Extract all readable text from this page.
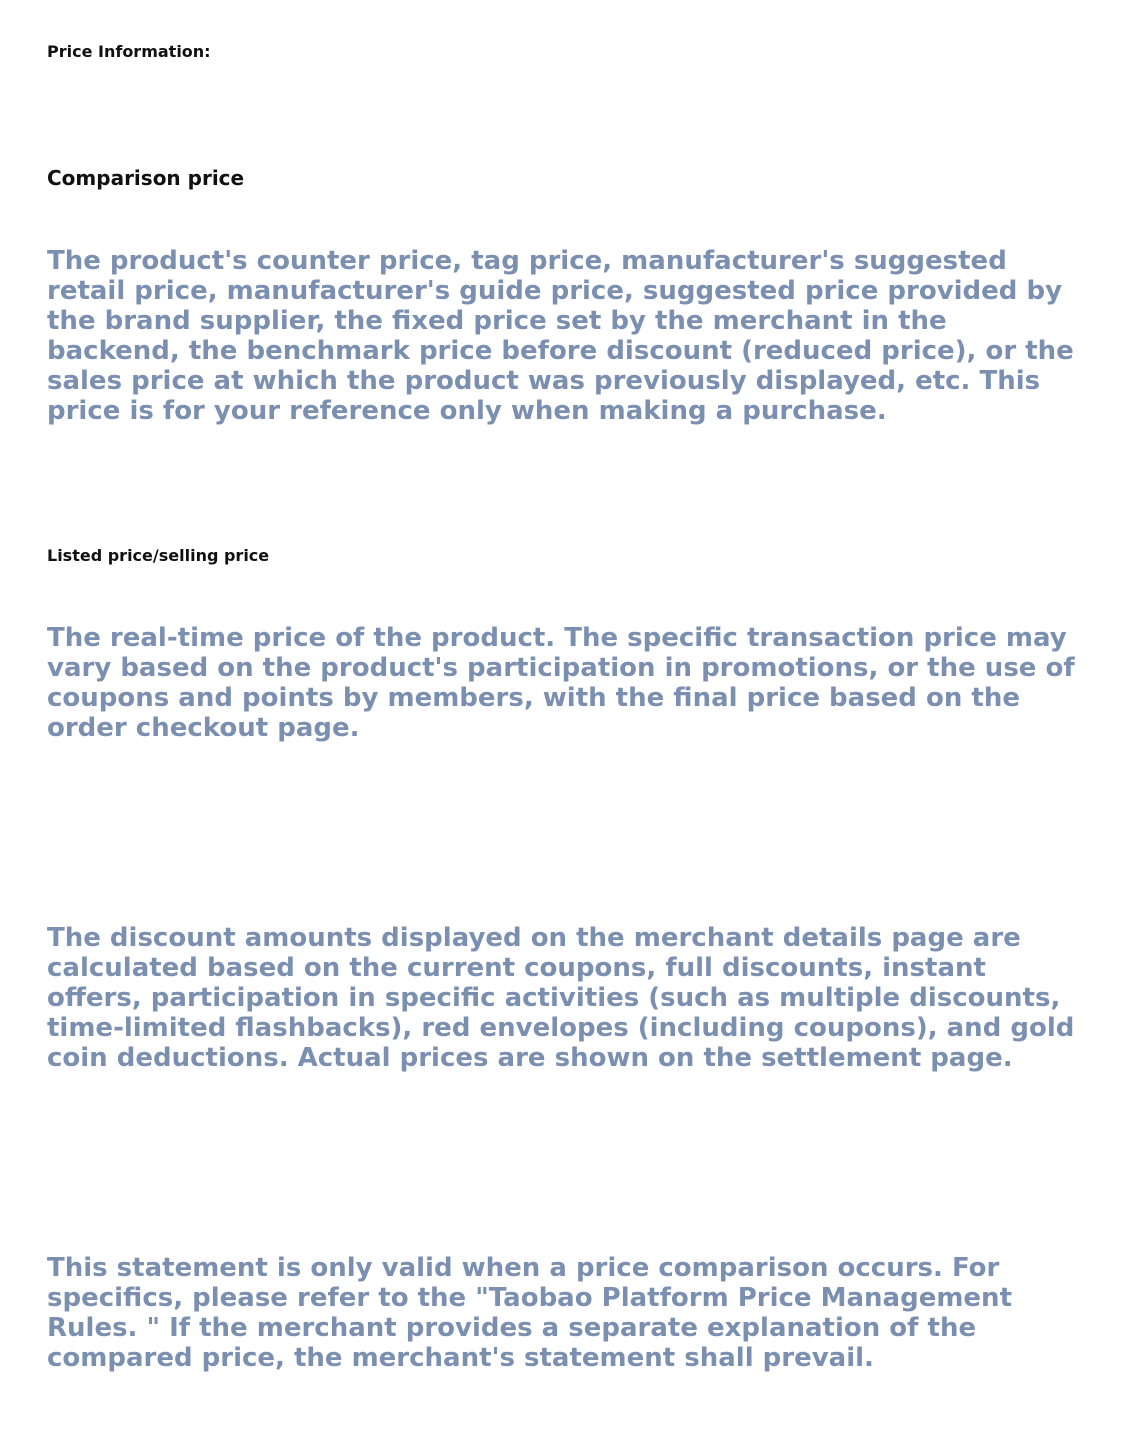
Price Information:
Comparison price

The product's counter price, tag price, manufacturer's suggested retail price, manufacturer's guide price, suggested price provided by the brand supplier, the fixed price set by the merchant in the backend, the benchmark price before discount (reduced price), or the sales price at which the product was previously displayed, etc. This price is for your reference only when making a purchase.

Listed price/selling price

The real-time price of the product. The specific transaction price may vary based on the product's participation in promotions, or the use of coupons and points by members, with the final price based on the order checkout page.

The discount amounts displayed on the merchant details page are calculated based on the current coupons, full discounts, instant offers, participation in specific activities (such as multiple discounts, time-limited flashbacks), red envelopes (including coupons), and gold coin deductions. Actual prices are shown on the settlement page.

This statement is only valid when a price comparison occurs. For specifics, please refer to the "Taobao Platform Price Management Rules. " If the merchant provides a separate explanation of the compared price, the merchant's statement shall prevail.
